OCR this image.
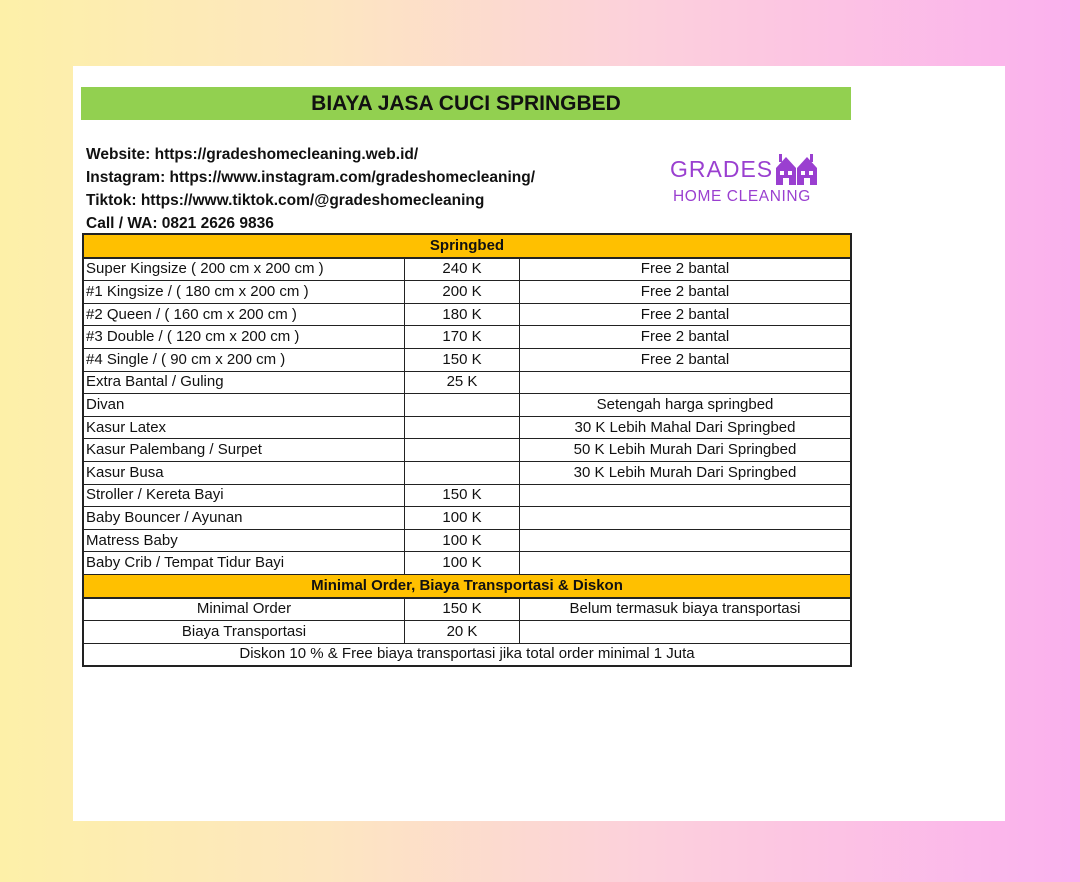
BIAYA JASA CUCI SPRINGBED
Website: https://gradeshomecleaning.web.id/
Instagram: https://www.instagram.com/gradeshomecleaning/
Tiktok: https://www.tiktok.com/@gradeshomecleaning
Call / WA: 0821 2626 9836
GRADES
HOME CLEANING
Springbed		
Super Kingsize ( 200 cm x 200 cm )	240 K	Free 2 bantal
#1 Kingsize / ( 180 cm x 200 cm )	200 K	Free 2 bantal
#2 Queen / ( 160 cm x 200 cm )	180 K	Free 2 bantal
#3 Double / ( 120 cm x 200 cm )	170 K	Free 2 bantal
#4 Single / ( 90 cm x 200 cm )	150 K	Free 2 bantal
Extra Bantal / Guling	25 K	
Divan		Setengah harga springbed
Kasur Latex		30 K Lebih Mahal Dari Springbed
Kasur Palembang / Surpet		50 K Lebih Murah Dari Springbed
Kasur Busa		30 K Lebih Murah Dari Springbed
Stroller / Kereta Bayi	150 K	
Baby Bouncer / Ayunan	100 K	
Matress Baby	100 K	
Baby Crib / Tempat Tidur Bayi	100 K	
Minimal Order, Biaya Transportasi & Diskon		
Minimal Order	150 K	Belum termasuk biaya transportasi
Biaya Transportasi	20 K	
Diskon 10 % & Free biaya transportasi jika total order minimal 1 Juta		
